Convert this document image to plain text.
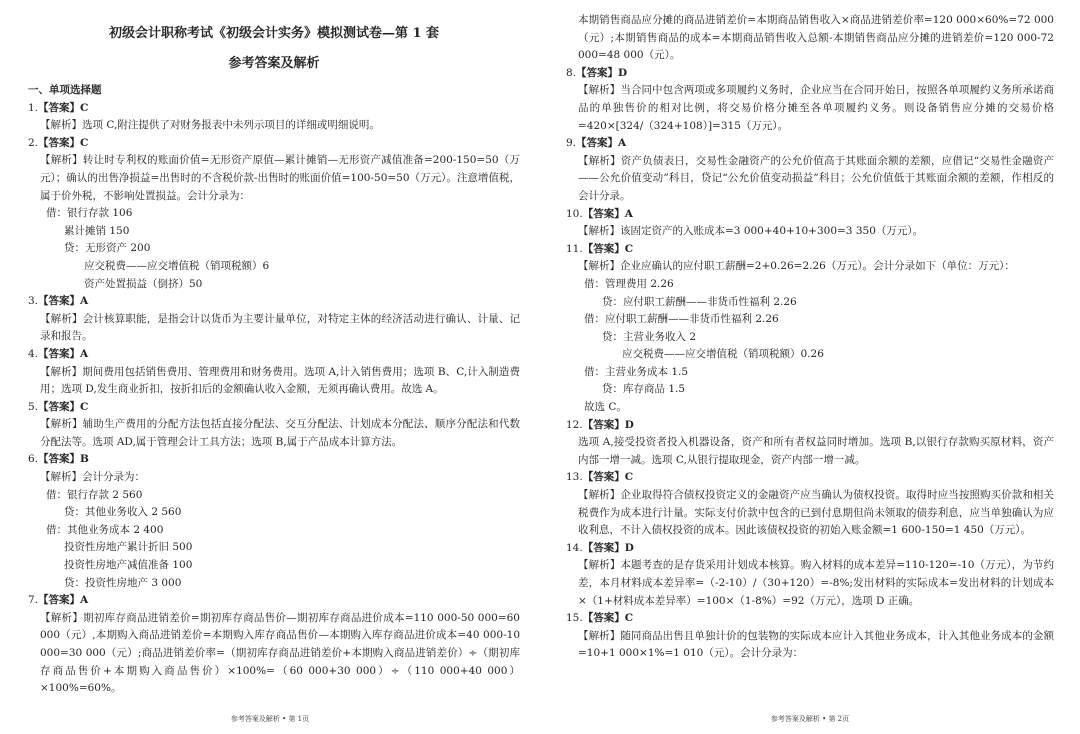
初级会计职称考试《初级会计实务》模拟测试卷—第 1 套
参考答案及解析
一、单项选择题
1.【答案】C
【解析】选项 C,附注提供了对财务报表中未列示项目的详细或明细说明。
2.【答案】C
【解析】转让时专利权的账面价值=无形资产原值—累计摊销—无形资产减值准备=200-150=50（万元）；确认的出售净损益=出售时的不含税价款-出售时的账面价值=100-50=50（万元）。注意增值税，属于价外税，不影响处置损益。会计分录为：
借：银行存款 106
累计摊销 150
贷：无形资产 200
应交税费——应交增值税（销项税额）6
资产处置损益（倒挤）50
3.【答案】A
【解析】会计核算职能，是指会计以货币为主要计量单位，对特定主体的经济活动进行确认、计量、记录和报告。
4.【答案】A
【解析】期间费用包括销售费用、管理费用和财务费用。选项 A,计入销售费用；选项 B、C,计入制造费用；选项 D,发生商业折扣，按折扣后的金额确认收入金额，无须再确认费用。故选 A。
5.【答案】C
【解析】辅助生产费用的分配方法包括直接分配法、交互分配法、计划成本分配法、顺序分配法和代数分配法等。选项 AD,属于管理会计工具方法；选项 B,属于产品成本计算方法。
6.【答案】B
【解析】会计分录为：
借：银行存款 2 560
贷：其他业务收入 2 560
借：其他业务成本 2 400
投资性房地产累计折旧 500
投资性房地产减值准备 100
贷：投资性房地产 3 000
7.【答案】A
【解析】期初库存商品进销差价=期初库存商品售价—期初库存商品进价成本=110 000-50 000=60 000（元）,本期购入商品进销差价=本期购入库存商品售价—本期购入库存商品进价成本=40 000-10 000=30 000（元）;商品进销差价率=（期初库存商品进销差价+本期购入商品进销差价）÷（期初库存商品售价+本期购入商品售价）×100%=（60 000+30 000）÷（110 000+40 000）×100%=60%。
参考答案及解析 • 第 1页
本期销售商品应分摊的商品进销差价=本期商品销售收入×商品进销差价率=120 000×60%=72 000（元）;本期销售商品的成本=本期商品销售收入总额-本期销售商品应分摊的进销差价=120 000-72 000=48 000（元）。
8.【答案】D
【解析】当合同中包含两项或多项履约义务时，企业应当在合同开始日，按照各单项履约义务所承诺商品的单独售价的相对比例，将交易价格分摊至各单项履约义务。则设备销售应分摊的交易价格=420×[324/（324+108）]=315（万元）。
9.【答案】A
【解析】资产负债表日，交易性金融资产的公允价值高于其账面余额的差额，应借记“交易性金融资产——公允价值变动”科目，贷记“公允价值变动损益”科目；公允价值低于其账面余额的差额，作相反的会计分录。
10.【答案】A
【解析】该固定资产的入账成本=3 000+40+10+300=3 350（万元）。
11.【答案】C
【解析】企业应确认的应付职工薪酬=2+0.26=2.26（万元）。会计分录如下（单位：万元）：
借：管理费用 2.26
贷：应付职工薪酬——非货币性福利 2.26
借：应付职工薪酬——非货币性福利 2.26
贷：主营业务收入 2
应交税费——应交增值税（销项税额）0.26
借：主营业务成本 1.5
贷：库存商品 1.5
故选 C。
12.【答案】D
选项 A,接受投资者投入机器设备，资产和所有者权益同时增加。选项 B,以银行存款购买原材料，资产内部一增一减。选项 C,从银行提取现金，资产内部一增一减。
13.【答案】C
【解析】企业取得符合债权投资定义的金融资产应当确认为债权投资。取得时应当按照购买价款和相关税费作为成本进行计量。实际支付价款中包含的已到付息期但尚未领取的债券利息，应当单独确认为应收利息，不计入债权投资的成本。因此该债权投资的初始入账金额=1 600-150=1 450（万元）。
14.【答案】D
【解析】本题考查的是存货采用计划成本核算。购入材料的成本差异=110-120=-10（万元），为节约差，本月材料成本差异率=（-2-10）/（30+120）=-8%;发出材料的实际成本=发出材料的计划成本×（1+材料成本差异率）=100×（1-8%）=92（万元），选项 D 正确。
15.【答案】C
【解析】随同商品出售且单独计价的包装物的实际成本应计入其他业务成本，计入其他业务成本的金额=10+1 000×1%=1 010（元）。会计分录为：
参考答案及解析 • 第 2页
